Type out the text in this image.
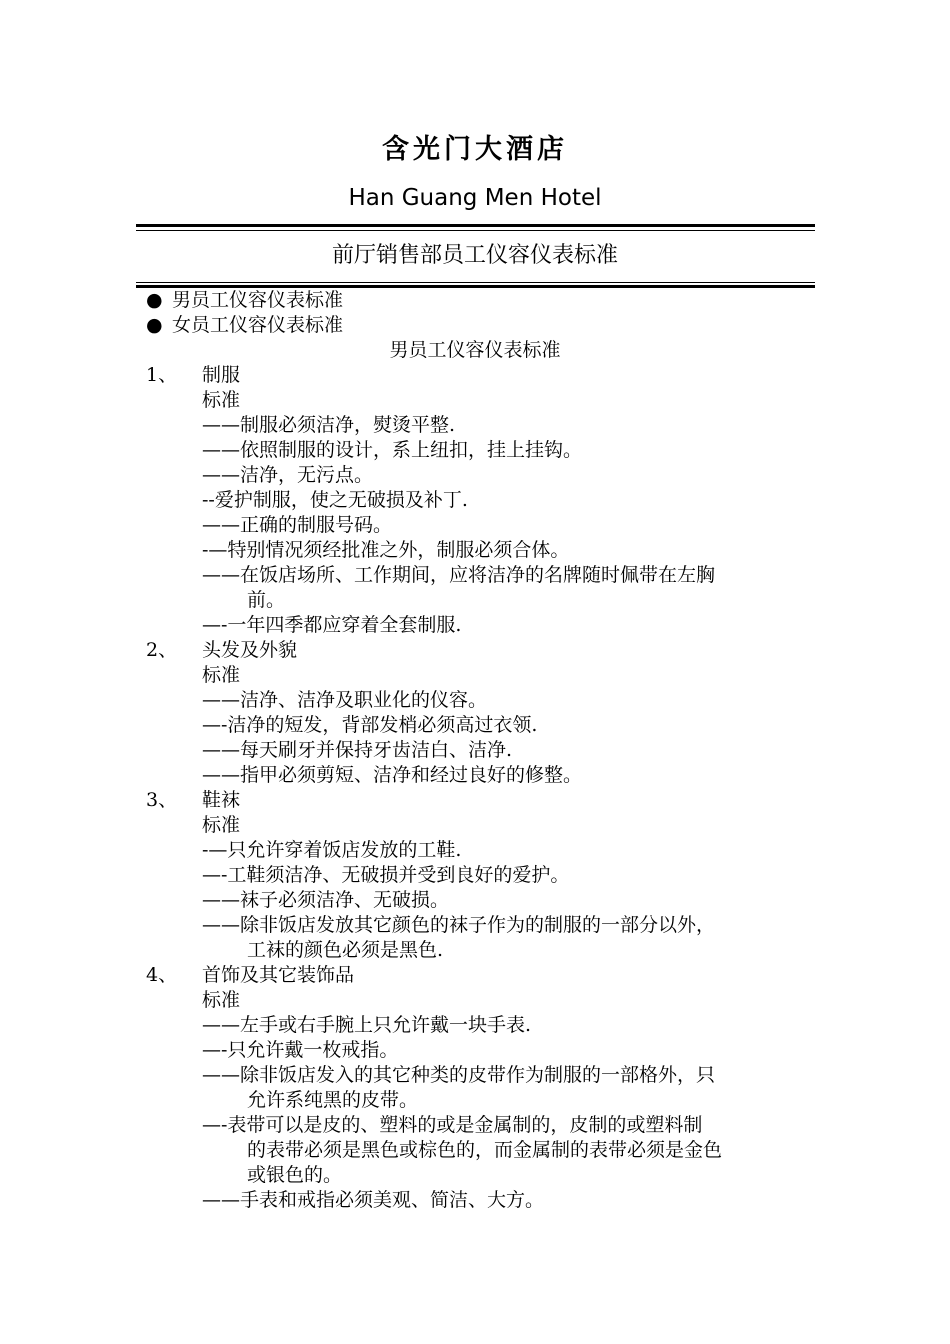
含光门大酒店
Han Guang Men Hotel
前厅销售部员工仪容仪表标准
● 男员工仪容仪表标准
● 女员工仪容仪表标准
男员工仪容仪表标准
1、 制服
标准
——制服必须洁净，熨烫平整.
——依照制服的设计，系上纽扣，挂上挂钩。
——洁净，无污点。
--爱护制服，使之无破损及补丁.
——正确的制服号码。
-—特别情况须经批准之外，制服必须合体。
——在饭店场所、工作期间，应将洁净的名牌随时佩带在左胸
前。
—-一年四季都应穿着全套制服.
2、 头发及外貌
标准
——洁净、洁净及职业化的仪容。
—-洁净的短发，背部发梢必须高过衣领.
——每天刷牙并保持牙齿洁白、洁净.
——指甲必须剪短、洁净和经过良好的修整。
3、 鞋袜
标准
-—只允许穿着饭店发放的工鞋.
—-工鞋须洁净、无破损并受到良好的爱护。
——袜子必须洁净、无破损。
——除非饭店发放其它颜色的袜子作为的制服的一部分以外，
工袜的颜色必须是黑色.
4、 首饰及其它装饰品
标准
——左手或右手腕上只允许戴一块手表.
—-只允许戴一枚戒指。
——除非饭店发入的其它种类的皮带作为制服的一部格外，只
允许系纯黑的皮带。
—-表带可以是皮的、塑料的或是金属制的，皮制的或塑料制
的表带必须是黑色或棕色的，而金属制的表带必须是金色
或银色的。
——手表和戒指必须美观、简洁、大方。
